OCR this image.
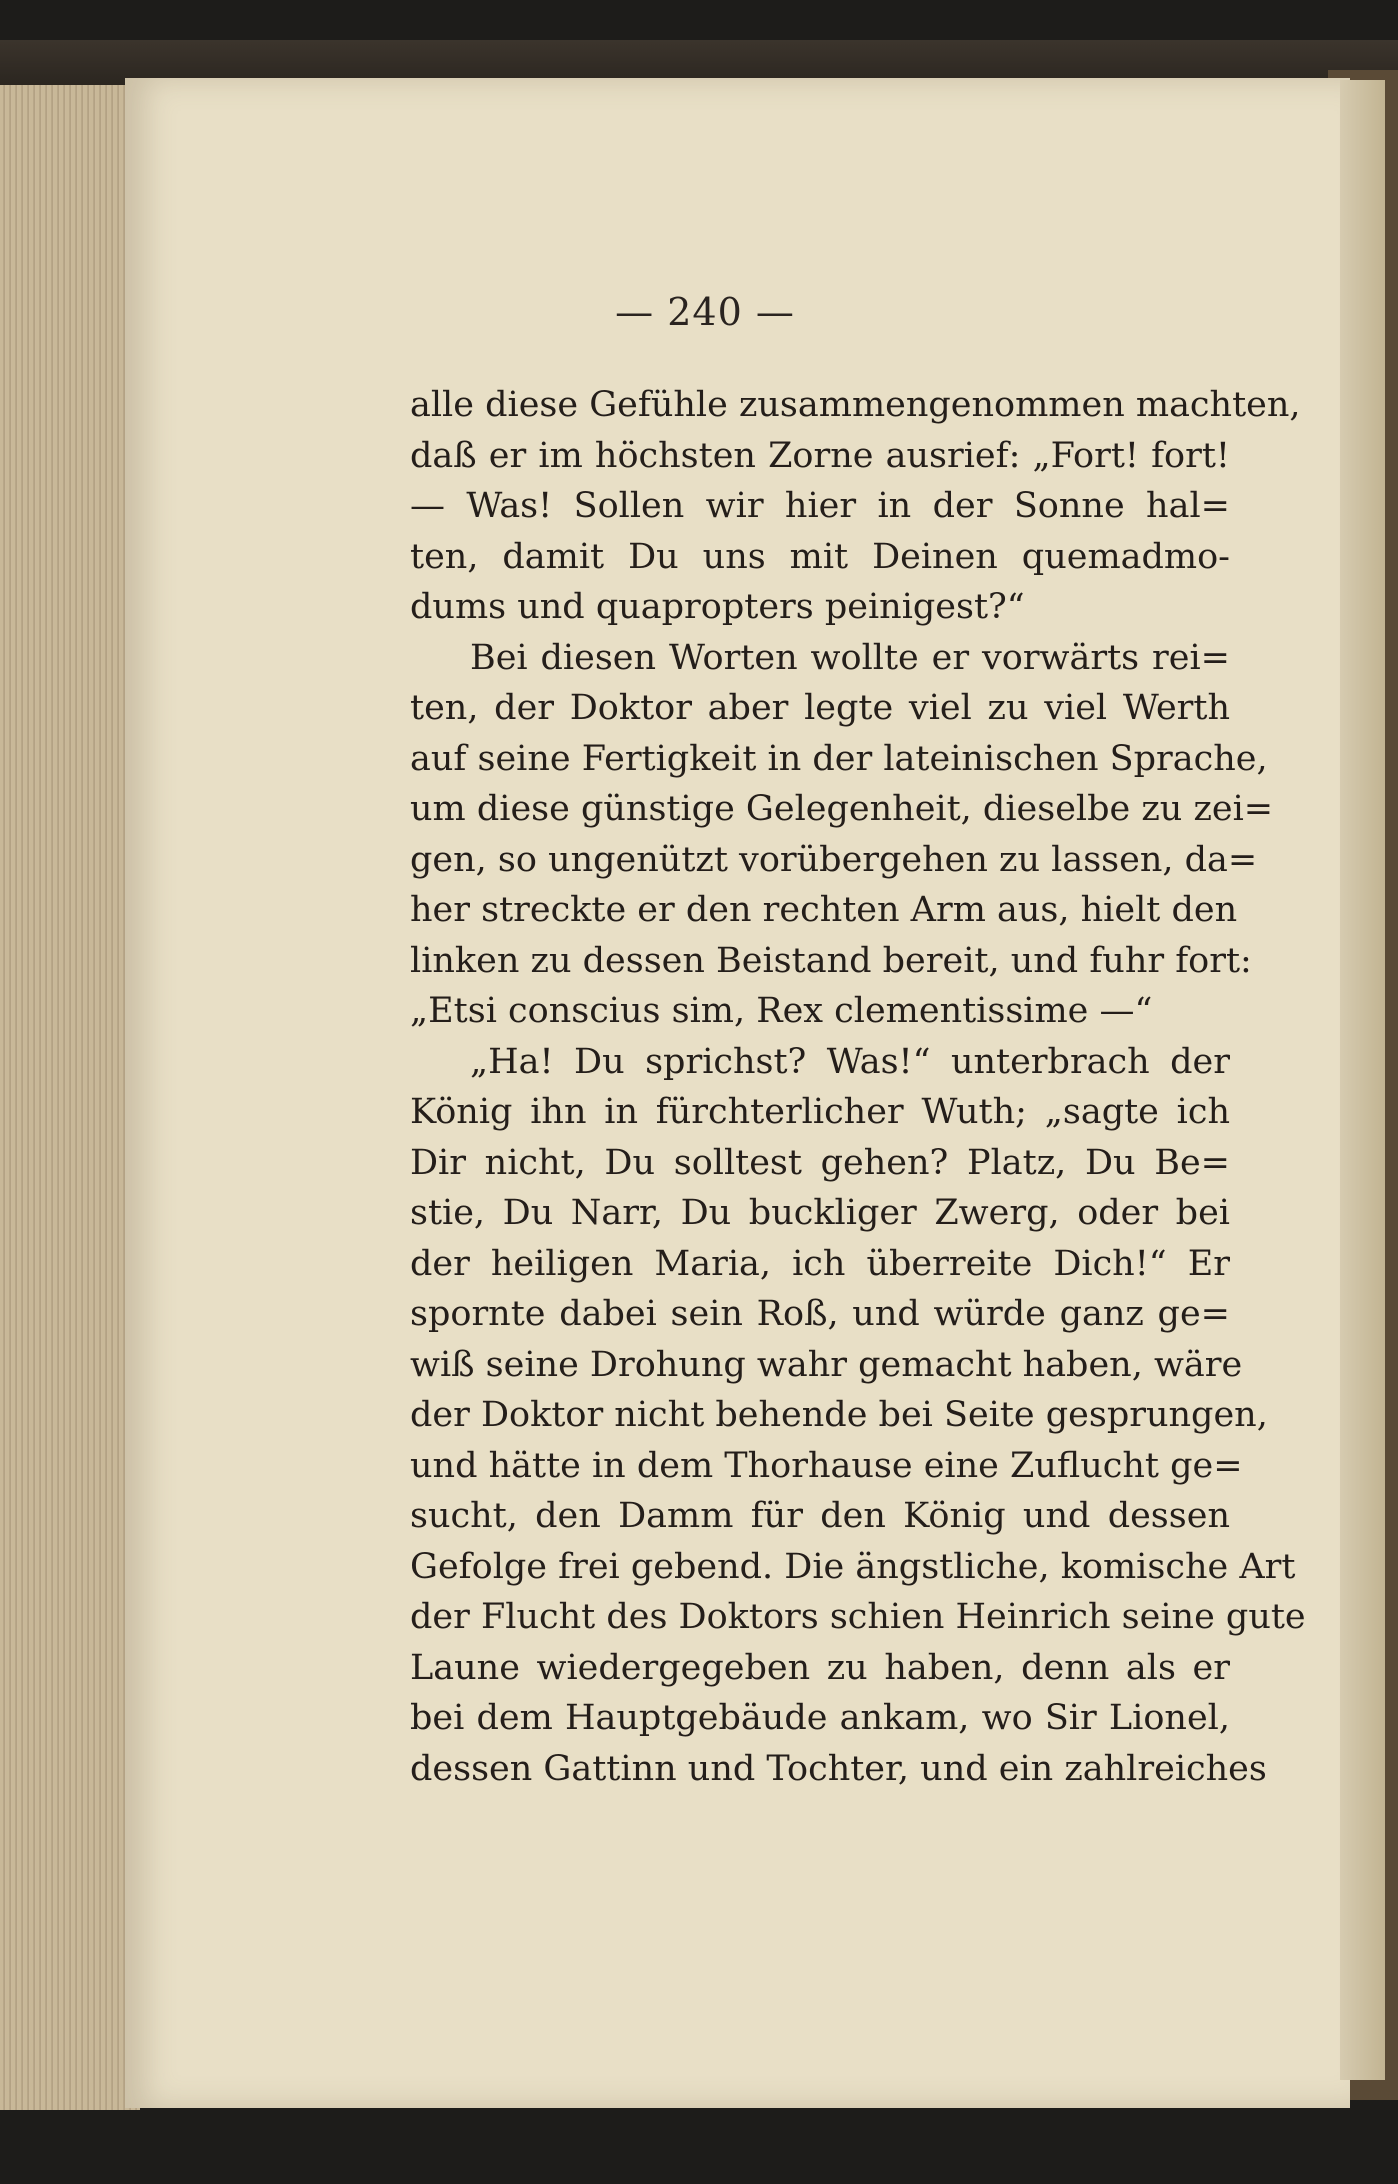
— 240 —
alle diese Gefühle zusammengenommen machten,
daß er im höchsten Zorne ausrief: „Fort! fort!
— Was! Sollen wir hier in der Sonne hal=
ten, damit Du uns mit Deinen quemadmo-
dums und quapropters peinigest?“
Bei diesen Worten wollte er vorwärts rei=
ten, der Doktor aber legte viel zu viel Werth
auf seine Fertigkeit in der lateinischen Sprache,
um diese günstige Gelegenheit, dieselbe zu zei=
gen, so ungenützt vorübergehen zu lassen, da=
her streckte er den rechten Arm aus, hielt den
linken zu dessen Beistand bereit, und fuhr fort:
„Etsi conscius sim, Rex clementissime —“
„Ha! Du sprichst? Was!“ unterbrach der
König ihn in fürchterlicher Wuth; „sagte ich
Dir nicht, Du solltest gehen? Platz, Du Be=
stie, Du Narr, Du buckliger Zwerg, oder bei
der heiligen Maria, ich überreite Dich!“ Er
spornte dabei sein Roß, und würde ganz ge=
wiß seine Drohung wahr gemacht haben, wäre
der Doktor nicht behende bei Seite gesprungen,
und hätte in dem Thorhause eine Zuflucht ge=
sucht, den Damm für den König und dessen
Gefolge frei gebend. Die ängstliche, komische Art
der Flucht des Doktors schien Heinrich seine gute
Laune wiedergegeben zu haben, denn als er
bei dem Hauptgebäude ankam, wo Sir Lionel,
dessen Gattinn und Tochter, und ein zahlreiches
